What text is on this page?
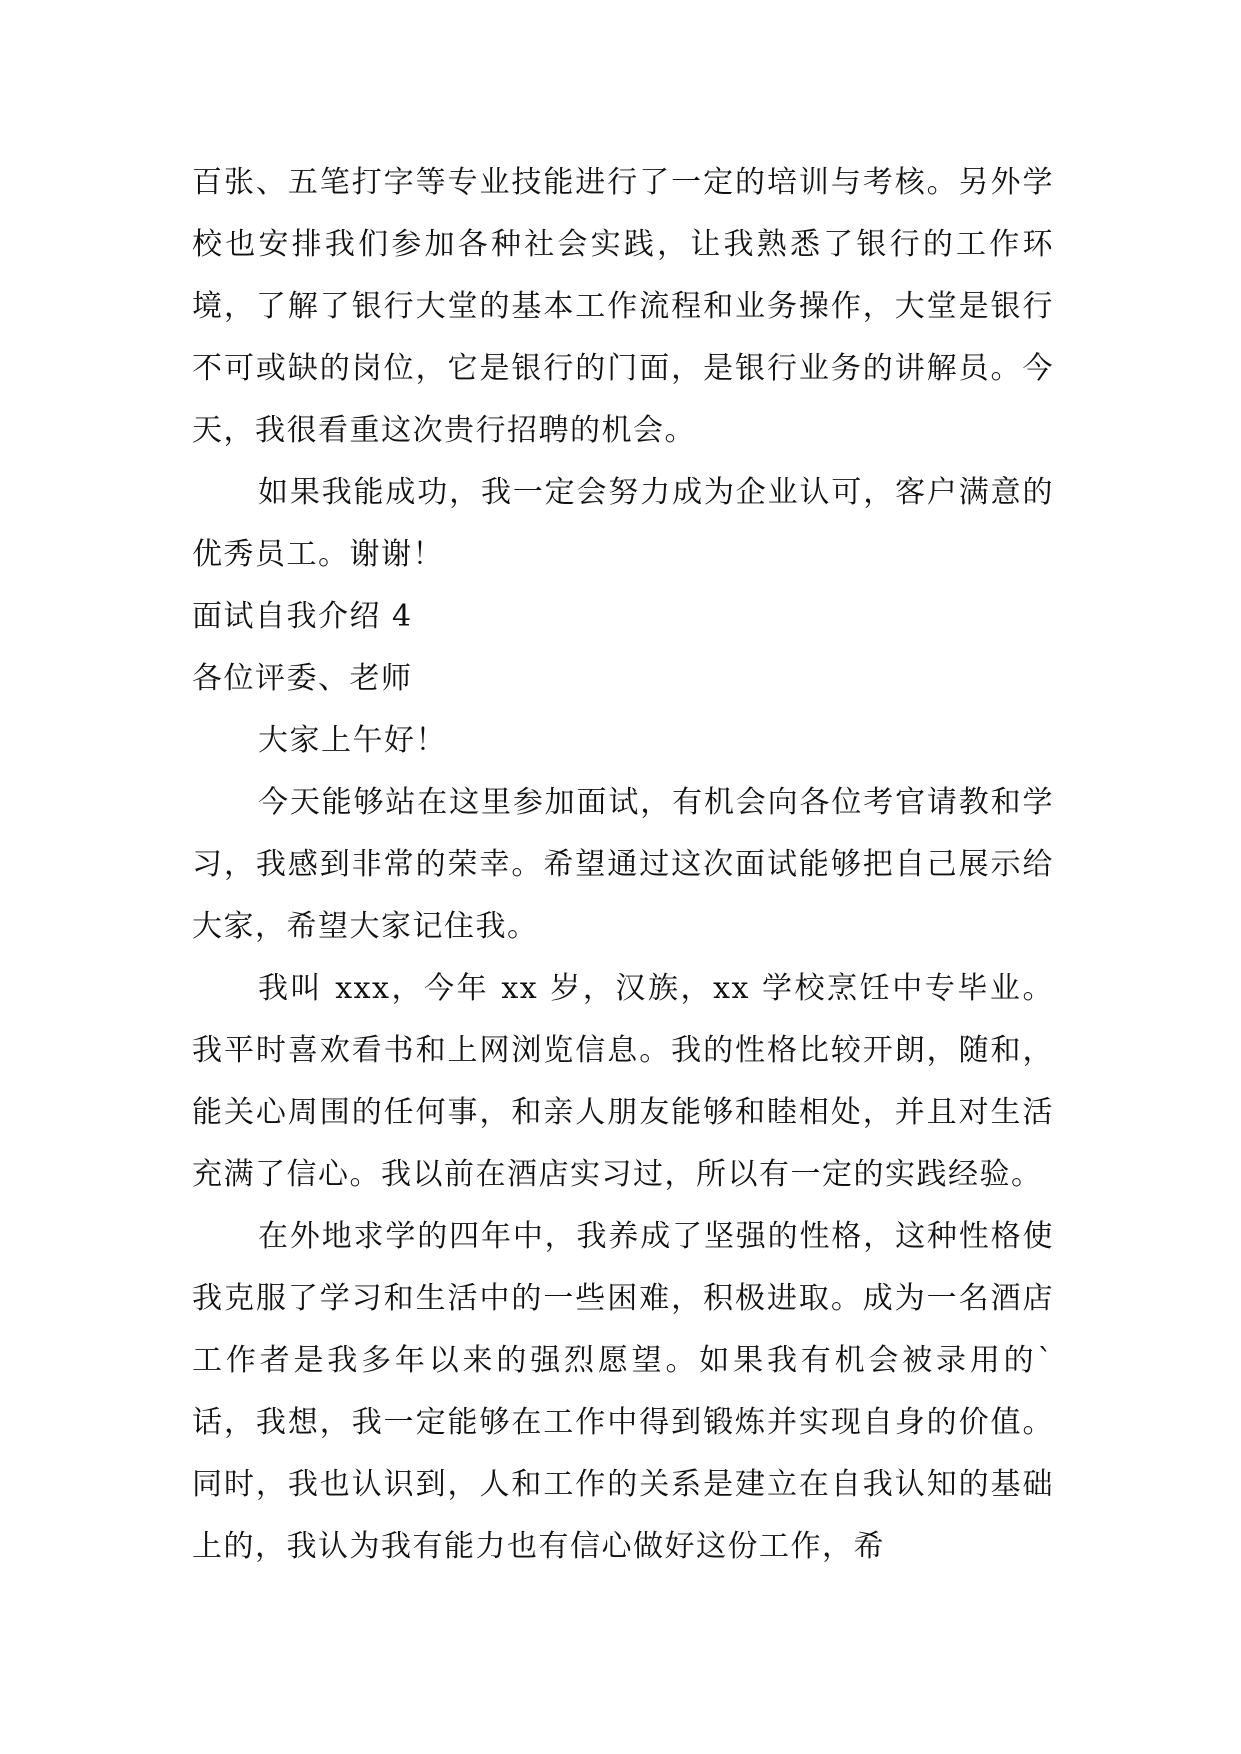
百张、五笔打字等专业技能进行了一定的培训与考核。另外学校也安排我们参加各种社会实践，让我熟悉了银行的工作环境，了解了银行大堂的基本工作流程和业务操作，大堂是银行不可或缺的岗位，它是银行的门面，是银行业务的讲解员。今天，我很看重这次贵行招聘的机会。

如果我能成功，我一定会努力成为企业认可，客户满意的优秀员工。谢谢！

面试自我介绍 4

各位评委、老师

大家上午好！

今天能够站在这里参加面试，有机会向各位考官请教和学习，我感到非常的荣幸。希望通过这次面试能够把自己展示给大家，希望大家记住我。

我叫 xxx，今年 xx 岁，汉族，xx 学校烹饪中专毕业。我平时喜欢看书和上网浏览信息。我的性格比较开朗，随和，能关心周围的任何事，和亲人朋友能够和睦相处，并且对生活充满了信心。我以前在酒店实习过，所以有一定的实践经验。

在外地求学的四年中，我养成了坚强的性格，这种性格使我克服了学习和生活中的一些困难，积极进取。成为一名酒店工作者是我多年以来的强烈愿望。如果我有机会被录用的`话，我想，我一定能够在工作中得到锻炼并实现自身的价值。同时，我也认识到，人和工作的关系是建立在自我认知的基础上的，我认为我有能力也有信心做好这份工作，希
